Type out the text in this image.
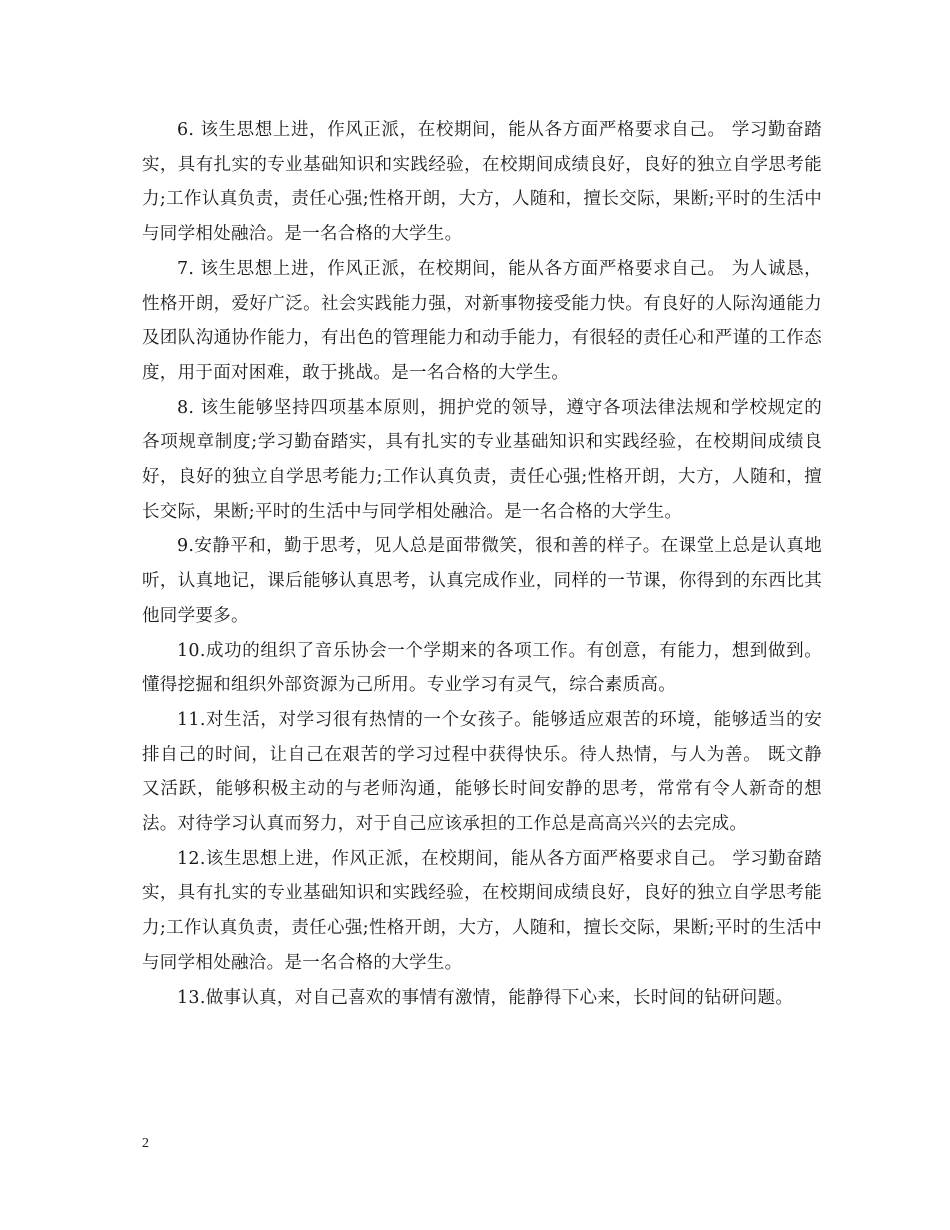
6. 该生思想上进，作风正派，在校期间，能从各方面严格要求自己。 学习勤奋踏实，具有扎实的专业基础知识和实践经验，在校期间成绩良好，良好的独立自学思考能力;工作认真负责，责任心强;性格开朗，大方，人随和，擅长交际，果断;平时的生活中与同学相处融洽。是一名合格的大学生。

7. 该生思想上进，作风正派，在校期间，能从各方面严格要求自己。 为人诚恳，性格开朗，爱好广泛。社会实践能力强，对新事物接受能力快。有良好的人际沟通能力及团队沟通协作能力，有出色的管理能力和动手能力，有很轻的责任心和严谨的工作态度，用于面对困难，敢于挑战。是一名合格的大学生。

8. 该生能够坚持四项基本原则，拥护党的领导，遵守各项法律法规和学校规定的各项规章制度;学习勤奋踏实，具有扎实的专业基础知识和实践经验，在校期间成绩良好，良好的独立自学思考能力;工作认真负责，责任心强;性格开朗，大方，人随和，擅长交际，果断;平时的生活中与同学相处融洽。是一名合格的大学生。

9.安静平和，勤于思考，见人总是面带微笑，很和善的样子。在课堂上总是认真地听，认真地记，课后能够认真思考，认真完成作业，同样的一节课，你得到的东西比其他同学要多。

10.成功的组织了音乐协会一个学期来的各项工作。有创意，有能力，想到做到。懂得挖掘和组织外部资源为己所用。专业学习有灵气，综合素质高。

11.对生活，对学习很有热情的一个女孩子。能够适应艰苦的环境，能够适当的安排自己的时间，让自己在艰苦的学习过程中获得快乐。待人热情，与人为善。 既文静又活跃，能够积极主动的与老师沟通，能够长时间安静的思考，常常有令人新奇的想法。对待学习认真而努力，对于自己应该承担的工作总是高高兴兴的去完成。

12.该生思想上进，作风正派，在校期间，能从各方面严格要求自己。 学习勤奋踏实，具有扎实的专业基础知识和实践经验，在校期间成绩良好，良好的独立自学思考能力;工作认真负责，责任心强;性格开朗，大方，人随和，擅长交际，果断;平时的生活中与同学相处融洽。是一名合格的大学生。

13.做事认真，对自己喜欢的事情有激情，能静得下心来，长时间的钻研问题。

2
